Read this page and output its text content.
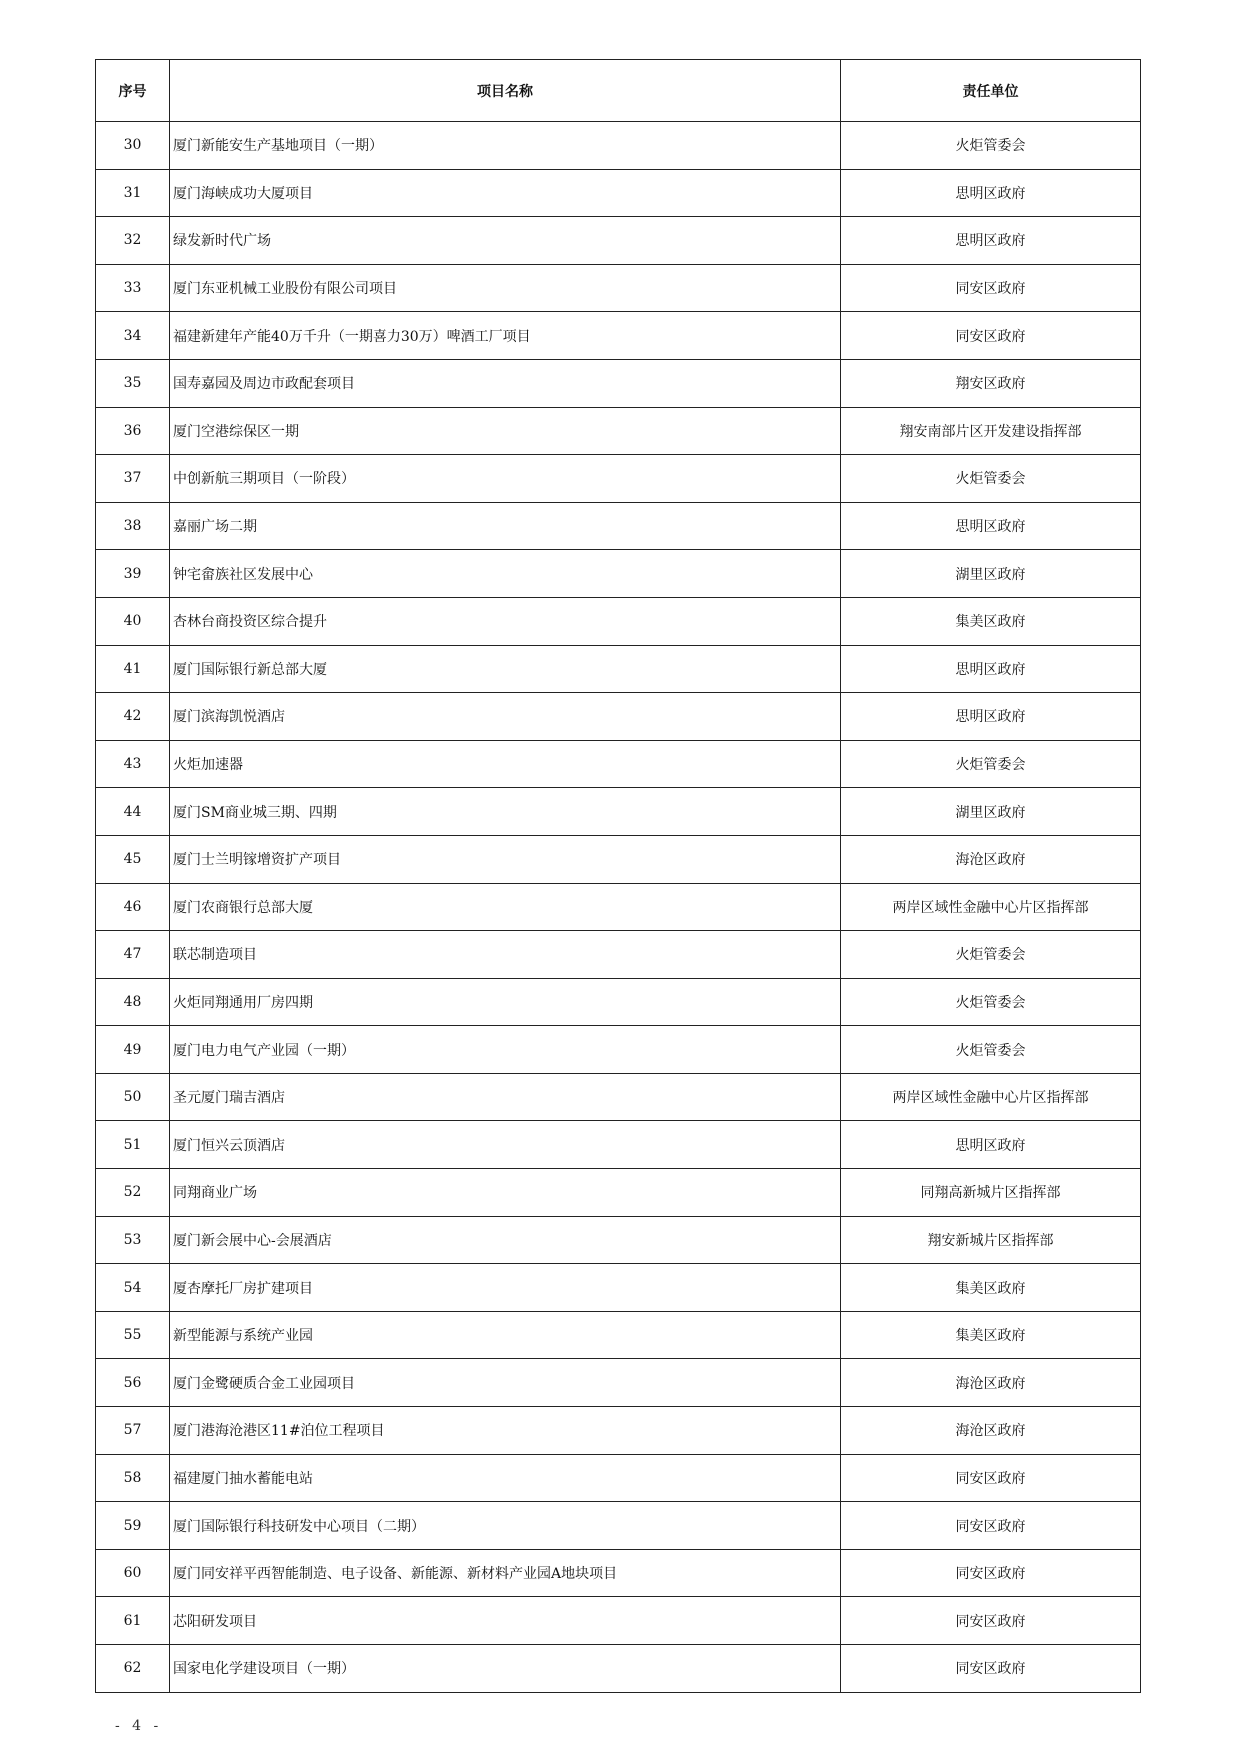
序号	项目名称	责任单位
30	厦门新能安生产基地项目（一期）	火炬管委会
31	厦门海峡成功大厦项目	思明区政府
32	绿发新时代广场	思明区政府
33	厦门东亚机械工业股份有限公司项目	同安区政府
34	福建新建年产能40万千升（一期喜力30万）啤酒工厂项目	同安区政府
35	国寿嘉园及周边市政配套项目	翔安区政府
36	厦门空港综保区一期	翔安南部片区开发建设指挥部
37	中创新航三期项目（一阶段）	火炬管委会
38	嘉丽广场二期	思明区政府
39	钟宅畲族社区发展中心	湖里区政府
40	杏林台商投资区综合提升	集美区政府
41	厦门国际银行新总部大厦	思明区政府
42	厦门滨海凯悦酒店	思明区政府
43	火炬加速器	火炬管委会
44	厦门SM商业城三期、四期	湖里区政府
45	厦门士兰明镓增资扩产项目	海沧区政府
46	厦门农商银行总部大厦	两岸区域性金融中心片区指挥部
47	联芯制造项目	火炬管委会
48	火炬同翔通用厂房四期	火炬管委会
49	厦门电力电气产业园（一期）	火炬管委会
50	圣元厦门瑞吉酒店	两岸区域性金融中心片区指挥部
51	厦门恒兴云顶酒店	思明区政府
52	同翔商业广场	同翔高新城片区指挥部
53	厦门新会展中心-会展酒店	翔安新城片区指挥部
54	厦杏摩托厂房扩建项目	集美区政府
55	新型能源与系统产业园	集美区政府
56	厦门金鹭硬质合金工业园项目	海沧区政府
57	厦门港海沧港区11#泊位工程项目	海沧区政府
58	福建厦门抽水蓄能电站	同安区政府
59	厦门国际银行科技研发中心项目（二期）	同安区政府
60	厦门同安祥平西智能制造、电子设备、新能源、新材料产业园A地块项目	同安区政府
61	芯阳研发项目	同安区政府
62	国家电化学建设项目（一期）	同安区政府
- 4 -
